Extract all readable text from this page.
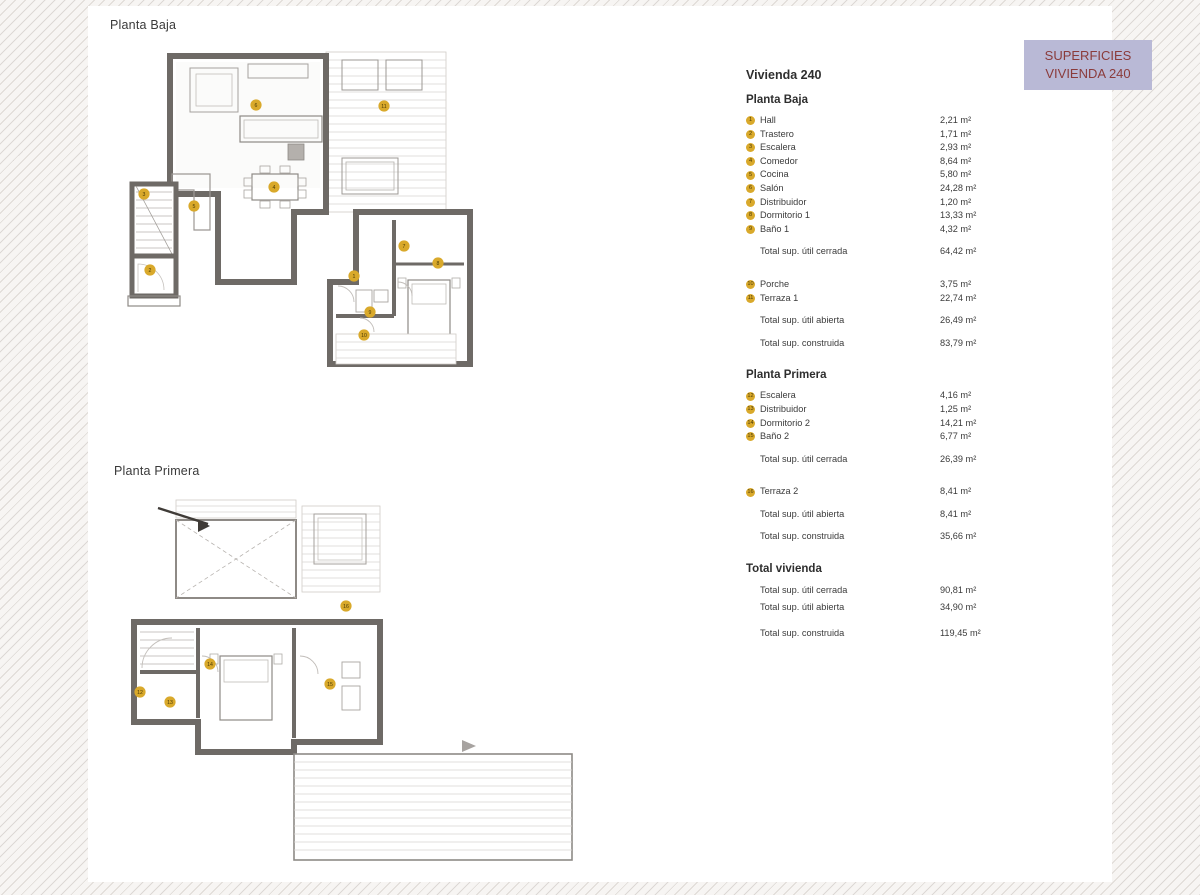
Planta Baja
Planta Primera
SUPERFICIES
VIVIENDA 240
6	11
3
5
4
2
1
7
9
8
10
16
14
12
13
15
Vivienda 240
Planta Baja
1 Hall	2,21 m²
2 Trastero	1,71 m²
3 Escalera	2,93 m²
4 Comedor	8,64 m²
5 Cocina	5,80 m²
6 Salón	24,28 m²
7 Distribuidor	1,20 m²
8 Dormitorio 1	13,33 m²
9 Baño 1	4,32 m²
Total sup. útil cerrada	64,42 m²
10 Porche	3,75 m²
11 Terraza 1	22,74 m²
Total sup. útil abierta	26,49 m²
Total sup. construida	83,79 m²
Planta Primera
12 Escalera	4,16 m²
13 Distribuidor	1,25 m²
14 Dormitorio 2	14,21 m²
15 Baño 2	6,77 m²
Total sup. útil cerrada	26,39 m²
16 Terraza 2	8,41 m²
Total sup. útil abierta	8,41 m²
Total sup. construida	35,66 m²
Total vivienda
Total sup. útil cerrada	90,81 m²
Total sup. útil abierta	34,90 m²
Total sup. construida	119,45 m²
